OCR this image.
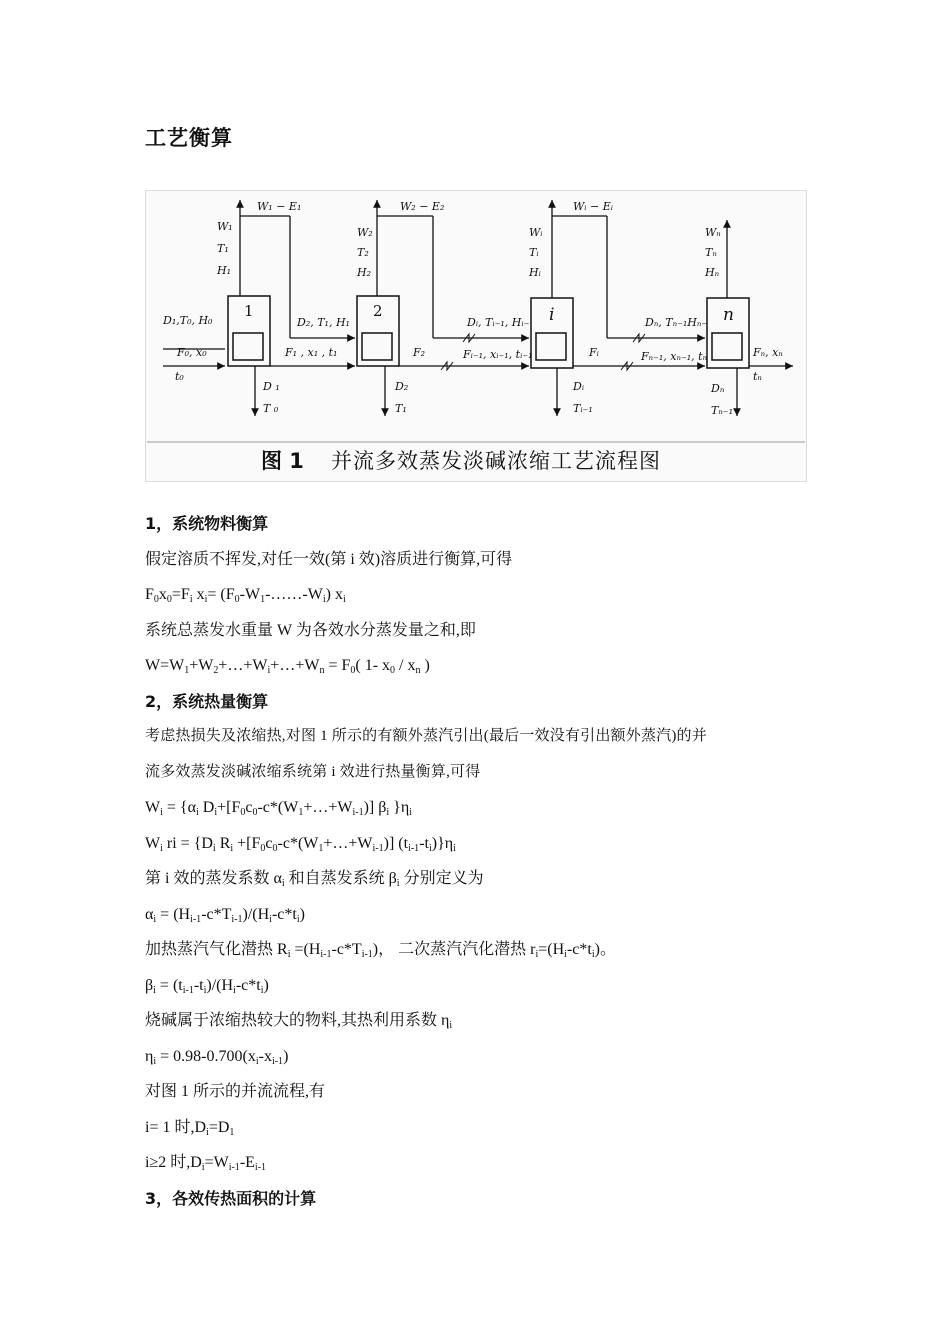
工艺衡算
1
W₁ − E₁
W₁
T₁
H₁
D₁,T₀, H₀
F₀, x₀
t₀
D ₁
T ₀
F₁ , x₁ , t₁
D₂, T₁, H₁
2
W₂ − E₂
W₂
T₂
H₂
D₂
T₁
F₂
Dᵢ, Tᵢ₋₁, Hᵢ₋
Fᵢ₋₁, xᵢ₋₁, tᵢ₋₁
i
Wᵢ − Eᵢ
Wᵢ
Tᵢ
Hᵢ
Dᵢ
Tᵢ₋₁
Fᵢ
Dₙ, Tₙ₋₁Hₙ₋
Fₙ₋₁, xₙ₋₁, tₙ
n
Wₙ
Tₙ
Hₙ
Dₙ
Tₙ₋₁
Fₙ, xₙ
tₙ
图 1 并流多效蒸发淡碱浓缩工艺流程图
1，系统物料衡算
假定溶质不挥发,对任一效(第 i 效)溶质进行衡算,可得
$F_0x_0=F_i$ $x_i=$ $(F_0-W_1-\dots\dots-W_i)$ $x_i$
系统总蒸发水重量 W 为各效水分蒸发量之和,即
$W=W_1+W_2+\dots+W_i+\dots+W_n = F_0$( 1- $x_0 / x_n$ )
2，系统热量衡算
考虑热损失及浓缩热,对图 1 所示的有额外蒸汽引出(最后一效没有引出额外蒸汽)的并
流多效蒸发淡碱浓缩系统第 i 效进行热量衡算,可得
$W_i = \{\alpha_i$ $D_i+[F_0c_0-c*(W_1+\dots+W_{i-1})]$ $\beta_i$ }$\eta_i$
$W_i$ ri = {$D_i$ $R_i$ $+[F_0c_0-c*(W_1+\dots+W_{i-1})]$ $(t_{i-1}-t_i)\}\eta_i$
第 i 效的蒸发系数 $\alpha_i$ 和自蒸发系统 $\beta_i$ 分别定义为
$\alpha_i = (H_{i-1}-c*T_{i-1})/(H_i-c*t_i)$
加热蒸汽气化潜热 $R_i =(H_{i-1}-c*T_{i-1})$， 二次蒸汽汽化潜热 $r_i=(H_i-c*t_i)$。
$\beta_i = (t_{i-1}-t_i)/(H_i-c*t_i)$
烧碱属于浓缩热较大的物料,其热利用系数 $\eta_i$
$\eta_i = 0.98-0.700(x_i-x_{i-1})$
对图 1 所示的并流流程,有
i= 1 时$,D_i=D_1$
i≥2 时$,D_i=W_{i-1}-E_{i-1}$
3，各效传热面积的计算
